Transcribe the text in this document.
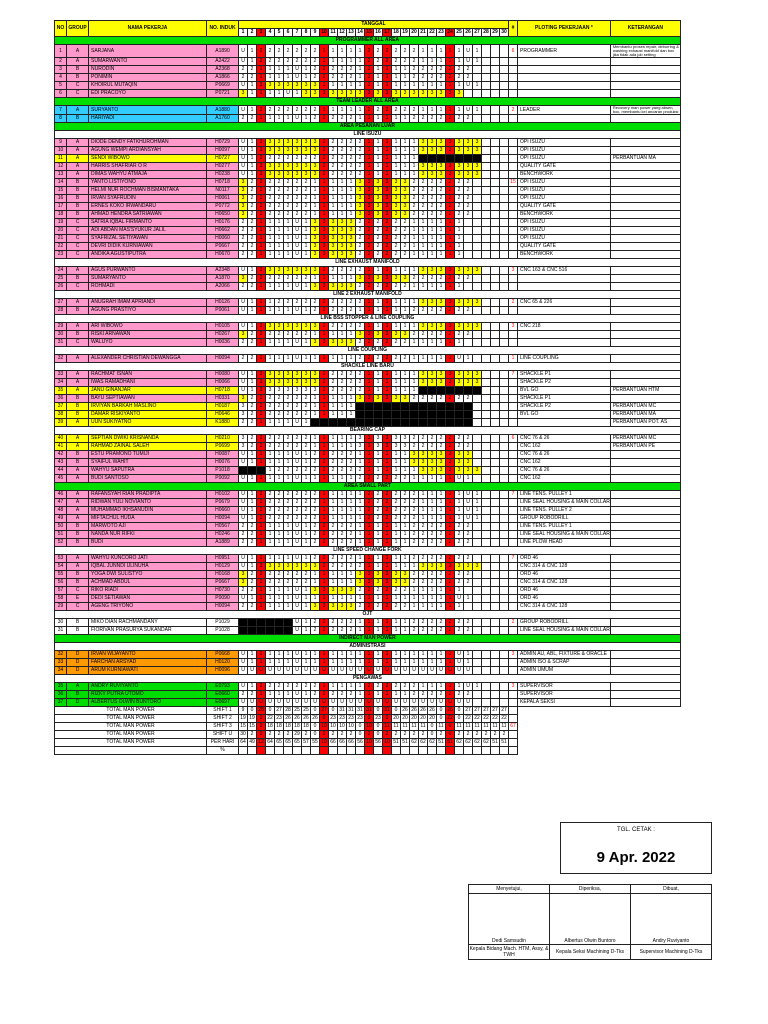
NO	GROUP	NAMA PEKERJA	NO. INDUK	TANGGAL																														#	PLOTING PEKERJAAN *	KETERANGAN
				1	2	3	4	5	6	7	8	9	10	11	12	13	14	15	16	17	18	19	20	21	22	23	24	25	26	27	28	29	30			
PROGRAMMER ALL AREA																																				
1	A	SARJANA	A1890	U	1	2	2	2	2	2	2	2	1	1	1	1	1	2	2	2	2	2	2	1	1	1	1	1	U	1				6	PROGRAMMER	Membantu proses repair, deburring & washing exhaust manifold dan boc jika tidak ada job setting
2	A	SUMARWANTO	A2422	U	1	2	2	2	2	2	2	2	1	1	1	1	1	2	2	2	2	2	2	1	1	1	1	1	U	1						
3	B	NURODIN	A2368	2	2	1	1	1	1	U	1	2	2	2	2	2	1	1	1	1	1	1	2	2	2	2	2	2	2							
4	B	PONIMIN	A1866	2	2	1	1	1	1	U	1	2	2	2	2	2	1	1	1	1	1	1	2	2	2	2	2	2	2							
5	C	KHOIRUL MUTAQIN	P0669	U	1	3	3	3	3	3	3	3	1	1	1	1	1	1	1	1	1	1	1	1	1	1	1	1	U	1						
6	C	EDI PRACOYO	P0721	3	1	1	1	1	U	1	3	3	3	3	3	3	3	3	3	3	3	3	3	3	3	3	3	3								
TEAM LEADER ALL AREA																																				
7	A	SURYANTO	A1880	U	1	2	2	2	2	2	2	2	1	1	1	1	1	2	2	2	2	2	2	1	1	1	1	1	U	1				2	LEADER	Recovery man power yang absen, boc, membantu kel ancaran produksi
8	B	HARIYADI	A1760	2	2	1	1	1	1	U	1	2	2	2	2	2	1	1	1	1	1	1	2	2	2	2	2	2	2							
AREA PESANAN LUAR																																				
LINE ISUZU																																				
9	A	DIODE DENDY FATKHUROHMAN	H0729	U	1	3	3	3	3	3	3	3	2	2	2	2	2	1	1	1	1	1	1	3	3	3	3	3	3	3					OPI ISUZU	
10	A	AGUNG WEMPI ARDIANSYAH	H0097	U	1	3	3	3	3	3	3	3	2	2	2	2	2	1	1	1	1	1	1	3	3	3	3	3	3	3					OPI ISUZU	
11	A	SENDI WIBOWO	H0727	U	1	2	2	2	2	2	2	2	2	2	2	2	2	1	1	1	1	1	1												OPI ISUZU	PERBANTUAN MA
12	A	HARRIS SHAFRIAR O R	H0277	U	1	3	3	3	3	3	3	3	2	2	2	2	2	1	1	1	1	1	1	3	3	3	3	3	3	3					QUALITY GATE	
13	A	DIMAS WAHYU ATMAJA	H0238	U	1	3	3	3	3	3	3	3	2	2	2	2	2	1	1	1	1	1	1	3	3	3	3	3	3	3					BENCHWORK	
14	B	YANTO LISTIYONO	H0718	3	2	2	2	2	2	2	2	1	1	1	1	1	3	3	3	3	3	3	2	2	2	2	2	2	2					15	OPI ISUZU	
15	B	HELMI NUR ROCHMAN BISMANTAKA	N0117	3	2	2	2	2	2	2	2	1	1	1	1	1	3	3	3	3	3	3	2	2	2	2	2	2	2						OPI ISUZU	
16	B	IRVAN SYAFRUDIN	H0061	3	2	2	2	2	2	2	2	1	1	1	1	1	3	3	3	3	3	3	2	2	2	2	2	2	2						OPI ISUZU	
17	B	ERNES KOKO IRWANDARU	P0772	3	2	2	2	2	2	2	2	1	1	1	1	1	3	3	3	3	3	3	2	2	2	2	2	2	2						QUALITY GATE	
18	B	AHMAD HENDRA SATRIAWAN	H0650	3	2	2	2	2	2	2	2	1	1	1	1	1	3	3	3	3	3	3	2	2	2	2	2	2	2						BENCHWORK	
19	C	SATRIA IQBAL FIRMANTO	H0176	2	2	1	1	1	1	U	1	3	3	3	3	3	2	2	2	2	2	2	1	1	1	1	1	1							OPI ISUZU	
20	C	ADI ABDAN MAS'SYUKUR JALIL	H0662	2	2	1	1	1	1	U	1	3	3	3	3	3	2	2	2	2	2	2	1	1	1	1	1	1							OPI ISUZU	
21	C	SYAFRIZAL SETIYAWAN	H0060	2	2	1	1	1	1	U	1	3	3	3	3	3	2	2	2	2	2	2	1	1	1	1	1	1							OPI ISUZU	
22	C	DEVRI DIDIK KURNIAWAN	P0667	2	2	1	1	1	1	U	1	3	3	3	3	3	2	2	2	2	2	2	1	1	1	1	1	1							QUALITY GATE	
23	C	ANDIKA AGUSTIPUTRA	H0670	2	2	1	1	1	1	U	1	3	3	3	3	3	2	2	2	2	2	2	1	1	1	1	1	1							BENCHWORK	
LINE EXHAUST MANIFOLD																																				
24	A	AGUS PURWANTO	A2348	U	1	3	3	3	3	3	3	3	2	2	2	2	2	1	1	1	1	1	1	3	3	3	3	3	3	3				3	CNC 163 & CNC 516	
25	B	SUMARYANTO	A1870	3	2	2	2	2	2	2	2	1	1	1	1	1	3	3	3	3	3	3	2	2	2	2	2	2	2							
26	C	ROHMADI	A2066	2	2	1	1	1	1	U	1	3	3	3	3	3	2	2	2	2	2	2	1	1	1	1	1	1								
LINE 2 EXHAUST MANIFOLD																																				
27	A	ANUGRAH IMAM APRIANDI	H0126	U	1	1	1	2	2	2	2	2	2	2	2	2	2	1	1	1	1	1	1	3	3	3	3	3	3	3				2	CNC 65 & 226	
28	B	AGUNG PRASTIYO	P0061	U	1	1	1	1	1	U	1	2	2	2	2	2	1	1	1	1	1	1	2	2	2	2	2	2	2							
LINE BSS STOPPER & LINE COUPLING																																				
29	A	ARI WIBOWO	H0105	U	1	3	3	3	3	3	3	3	2	2	2	2	2	1	1	1	1	1	1	3	3	3	3	3	3	3				3	CNC 218	
30	B	RISKI ARNAWAN	H0267	3	2	2	2	2	2	2	2	1	1	1	1	1	3	3	3	3	3	3	2	2	2	2	2	2	2							
31	C	WALUYO	H0036	2	2	1	1	1	1	U	1	3	3	3	3	3	2	2	2	2	2	2	1	1	1	1	1	1								
LINE COUPLING																																				
32	A	ALEXANDER CHRISTIAN DEWANGGA	H0094	2	2	1	1	1	1	U	1	1	1	1	1	1	2	2	2	2	2	2	1	1	1	1	1	U	1					1	LINE COUPLING	
SHACKLE LINE BARU																																				
33	A	RACHMAT ISNAN	H0080	U	1	3	3	3	3	3	3	3	2	2	2	2	2	1	1	1	1	1	1	3	3	3	3	3	3	3				7	SHACKLE P1	
34	A	IWAS RAMADHANI	H0066	U	1	3	3	3	3	3	3	3	2	2	2	2	2	1	1	1	1	1	1	3	3	3	3	3	3	3					SHACKLE P2	
35	A	JANU GINANJAR	H0718	U	1	3	3	3	3	3	3	3	2	2	2	2	2	1	1	1	1	1	1												BVL GO	PERBANTUAN HTM
36	B	BAYU SEPTIAWAN	H0331	3	2	2	2	2	2	2	2	1	1	1	1	1	3	3	3	3	3	3	2	2	2	2	2	2	2						SHACKLE P1	
37	B	IRVIYAN BARKAH MASLINO	H0187	3	2	2	2	2	2	2	2	1	1	1	1	1																			SHACKLE P2	PERBANTUAN MC
38	B	DAMAR RISKIYANTO	H0646	3	2	2	2	2	2	2	2	1	1	1	1	1																			BVL GO	PERBANTUAN MA
39	A	UUN SUKIYATNO	K1880	2	2	1	1	1	1	U	1																									PERBANTUAN POT. AS
BEARING CAP																																				
40	A	SEPTIAN DWIKI KRISNANDA	H0210	3	2	2	2	2	2	2	2	1	1	1	1	1	3	3	3	3	3	3	2	2	2	2	2	2	2					6	CNC 76 & 26	PERBANTUAN MC
41	A	RAHMAD ZAINAL SALEH	P0699	3	2	2	2	2	2	2	2	1	1	1	1	1	3	3	3	3	3	3	2	2	2	2	2	2	2						CNC 162	PERBANTUAN PE
42	B	ESTU PRAMONO TUMIJI	H0087	U	1	1	1	1	1	U	1	2	2	2	2	2	1	1	1	1	1	1	3	3	3	3	3	3	3						CNC 76 & 26	
43	B	SYAIFUL WAHIT	H0076	U	1	1	1	1	1	U	1	2	2	2	2	2	1	1	1	1	1	1	3	3	3	3	3	3	3						CNC 162	
44	A	WAHYU SAPUTRA	P1018				1	2	2	2	2	2	2	2	2	2	2	1	1	1	1	1	1	3	3	3	3	3	3	3					CNC 76 & 26	
45	A	BUDI SANTOSO	P0092	U	1	1	1	1	1	U	1	1	1	1	1	1	2	2	2	2	2	2	1	1	1	1	1	U	1						CNC 162	
AREA SMALL PART																																				
46	A	RAFANSYAH RIAN PRADIPTA	H0102	U	1	2	2	2	2	2	2	2	1	1	1	1	1	2	2	2	2	2	2	1	1	1	1	1	U	1				7	LINE TENS. PULLEY 1	
47	A	RIDWAN YULI NOVIANTO	P0679	U	1	2	2	2	2	2	2	2	1	1	1	1	1	2	2	2	2	2	2	1	1	1	1	1	U	1					LINE SEAL HOUSING & MAIN COLLAR	
48	A	MUHAMMAD IKHSANUDIN	H0660	U	1	2	2	2	2	2	2	2	1	1	1	1	1	2	2	2	2	2	2	1	1	1	1	1	U	1					LINE TENS. PULLEY 2	
49	A	MIFTACHUL HUDA	H0094	U	1	2	2	2	2	2	2	2	1	1	1	1	1	2	2	2	2	2	2	1	1	1	1	1	U	1					GROUP ROBODRILL	
50	B	MARWOTO AJI	H0567	2	2	1	1	1	1	U	1	2	2	2	2	2	1	1	1	1	1	1	2	2	2	2	2	2	2						LINE TENS. PULLEY 1	
51	B	NANDA NUR RIFKI	H0246	2	2	1	1	1	1	U	1	2	2	2	2	2	1	1	1	1	1	1	2	2	2	2	2	2	2						LINE SEAL HOUSING & MAIN COLLAR	
52	B	BUDI	A1889	2	2	1	1	1	1	U	1	2	2	2	2	2	1	1	1	1	1	1	2	2	2	2	2	2	2						LINE PLOW HEAD	
LINE SPEED CHANGE FORK																																				
53	A	WAHYU KUNCORO JATI	H0951	U	1	1	1	1	1	U	1	2	2	2	2	2	1	1	1	1	1	1	2	2	2	2	2	2	2					7	ORD 46	
54	A	IQBAL JUNNDI ULINUHA	H0129	U	1	3	3	3	3	3	3	3	2	2	2	2	2	1	1	1	1	1	1	3	3	3	3	3	3	3					CNC 314 & CNC 128	
55	B	YOGA DWI SULISTYO	H0168	3	2	2	2	2	2	2	2	1	1	1	1	1	3	3	3	3	3	3	2	2	2	2	2	2	2						ORD 46	
56	B	ACHMAD ABDUL	P0667	3	2	2	2	2	2	2	2	1	1	1	1	1	3	3	3	3	3	3	2	2	2	2	2	2	2						CNC 314 & CNC 128	
57	C	RIKO RIADI	H0730	2	2	1	1	1	1	U	1	3	3	3	3	3	2	2	2	2	2	2	1	1	1	1	1	1							ORD 46	
58	E	DEDI SETIAWAN	P0090	U	1	1	1	1	1	U	1	1	1	1	1	1	1	1	1	1	1	1	1	1	1	1	1	U	1						ORD 46	
29	C	AGENG TRIYONO	H0094	2	2	1	1	1	1	U	1	3	3	3	3	3	2	2	2	2	2	2	1	1	1	1	1	1							CNC 314 & CNC 128	
OJT																																				
30	B	MIKO DIAN RACHMANDANY	P1029							U	1	2	2	2	2	2	1	1	1	1	1	1	2	2	2	2	2	2	2					2	GROUP ROBODRILL	
31	B	FIORIVAN PRASURYA SUKANDAR	P1028							U	1	2	2	2	2	2	1	1	1	1	1	1	2	2	2	2	2	2	2						LINE SEAL HOUSING & MAIN COLLAR	
INDIRECT MAN POWER																																				
ADMINISTRASI																																				
32	D	IRVAN WIJAYANTO	P0668	U	1	1	1	1	1	U	1	1	1	1	1	1	1	1	1	1	1	1	1	1	1	1	1	U	1					3	ADMIN AU, ABL, FIXTURE & ORACLE	
33	D	FARCHAN ARSYAD	H0120	U	1	1	1	1	1	U	1	1	1	1	1	1	1	1	1	1	1	1	1	1	1	1	1	U	1						ADMIN ISO & SCRAP	
34	D	ARUM KURNIAWATI	H0096	U	U	U	U	U	U	U	U	U	U	U	U	U	U	U	U	U	U	U	U	U	U	U	U	U	U						ADMIN UMUM	
PENGAWAS																																				
35	A	ANDRY RUVIYANTO	E0793	U	1	2	2	2	2	2	2	2	1	1	1	1	1	2	2	2	2	2	2	1	1	1	1	1	U	1				3	SUPERVISOR	
36	B	RIZKY PUTRA UTOMO	E0660	2	2	1	1	1	1	U	1	2	2	2	2	2	1	1	1	1	1	1	2	2	2	2	2	2	2						SUPERVISOR	
37	D	ALBERTUS OLWIN BUNTORO	E0697	U	U	U	U	U	U	U	U	U	U	U	U	U	U	U	U	U	U	U	U	U	U	U	U	U	U						KEPALA SEKSI	
TOTAL MAN POWER			SHIFT 1	9	0	28	0	27	28	25	25	0	27	0	31	31	31	31	0	31	0	26	26	26	26	0	26	0	27	27	27	27	27			
TOTAL MAN POWER			SHIFT 2	19	19	0	22	23	26	26	26	26	0	23	23	23	23	0	23	0	20	20	20	20	20	0	22	0	22	22	22	22	22			
TOTAL MAN POWER			SHIFT 3	15	15	0	18	18	18	18	18	0	10	10	10	10	0	10	0	11	11	11	11	11	0	11	0	11	11	11	11	11	11	67		
TOTAL MAN POWER			SHIFT U	30	2	0	2	2	2	29	2	0	2	2	2	2	0	2	0	2	2	2	2	2	0	2	0	2	2	2	2	2	2			
TOTAL MAN POWER			PER HARI	64	49	12	64	65	65	65	57	55	10	66	66	66	56	10	56	10	51	51	62	62	62	51	51	62	62	62	62	51	51			
			%																																	
TGL. CETAK :
9 Apr. 2022
Menyetujui,	Diperiksa,	Dibuat,
Dedi Samsudin	Albertus Olwin Buntoro	Andry Ruviyanto
Kepala Bidang Mach. HTM, Assy, & TWH	Kepala Seksi Machining D-Tks	Supervisor Machining D-Tks
